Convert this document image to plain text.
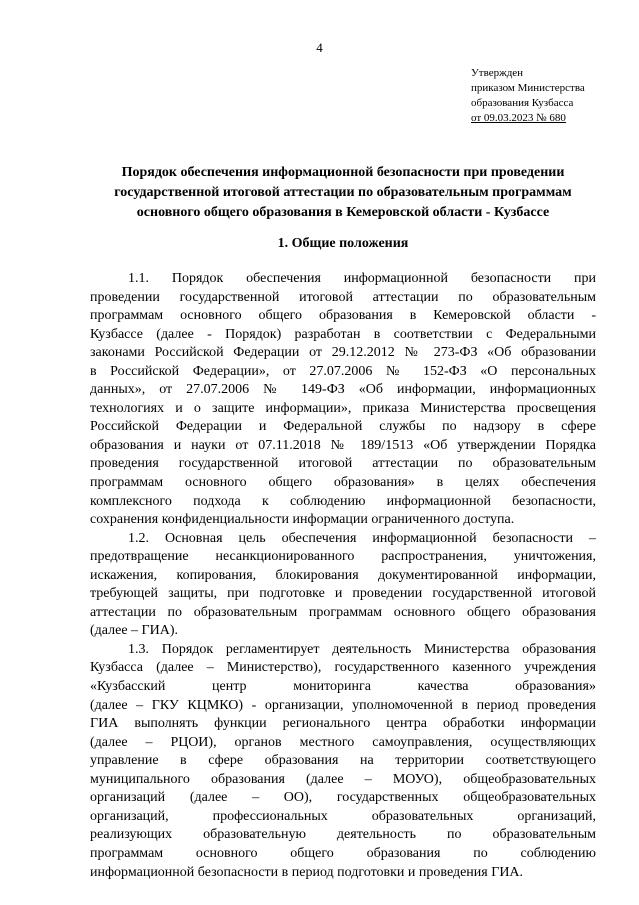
4
Утвержден
приказом Министерства
образования Кузбасса
от 09.03.2023 № 680
Порядок обеспечения информационной безопасности при проведении
государственной итоговой аттестации по образовательным программам
основного общего образования в Кемеровской области - Кузбассе
1. Общие положения

1.1. Порядок обеспечения информационной безопасности при
проведении государственной итоговой аттестации по образовательным
программам основного общего образования в Кемеровской области -
Кузбассе (далее - Порядок) разработан в соответствии с Федеральными
законами Российской Федерации от 29.12.2012 № 273-ФЗ «Об образовании
в Российской Федерации», от 27.07.2006 № 152-ФЗ «О персональных
данных», от 27.07.2006 № 149-ФЗ «Об информации, информационных
технологиях и о защите информации», приказа Министерства просвещения
Российской Федерации и Федеральной службы по надзору в сфере
образования и науки от 07.11.2018 № 189/1513 «Об утверждении Порядка
проведения государственной итоговой аттестации по образовательным
программам основного общего образования» в целях обеспечения
комплексного подхода к соблюдению информационной безопасности,
сохранения конфиденциальности информации ограниченного доступа.

1.2. Основная цель обеспечения информационной безопасности –
предотвращение несанкционированного распространения, уничтожения,
искажения, копирования, блокирования документированной информации,
требующей защиты, при подготовке и проведении государственной итоговой
аттестации по образовательным программам основного общего образования
(далее – ГИА).

1.3. Порядок регламентирует деятельность Министерства образования
Кузбасса (далее – Министерство), государственного казенного учреждения
«Кузбасский центр мониторинга качества образования»
(далее – ГКУ КЦМКО) - организации, уполномоченной в период проведения
ГИА выполнять функции регионального центра обработки информации
(далее – РЦОИ), органов местного самоуправления, осуществляющих
управление в сфере образования на территории соответствующего
муниципального образования (далее – МОУО), общеобразовательных
организаций (далее – ОО), государственных общеобразовательных
организаций, профессиональных образовательных организаций,
реализующих образовательную деятельность по образовательным
программам основного общего образования по соблюдению
информационной безопасности в период подготовки и проведения ГИА.
